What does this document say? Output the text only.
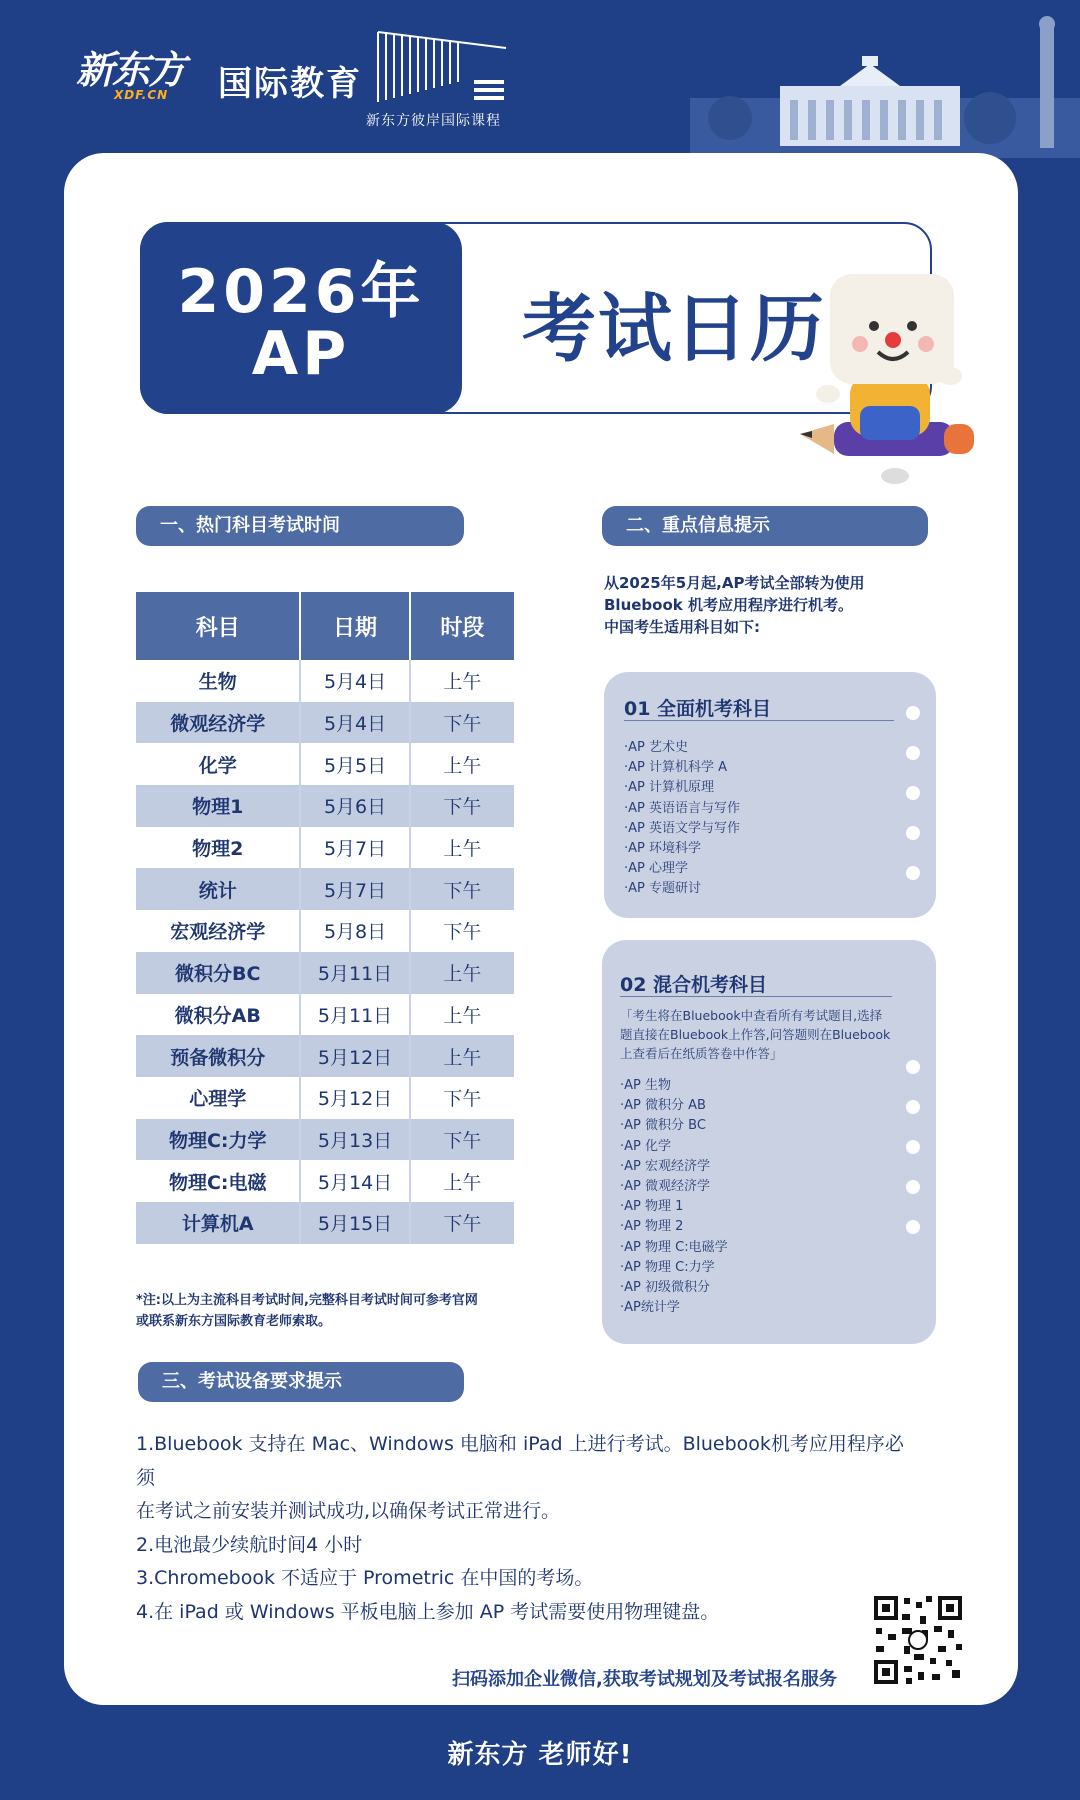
新东方
XDF.CN 国际教育
新东方彼岸国际课程
2026年
AP	考试日历
一、热门科目考试时间
科目	日期	时段
生物	5月4日	上午
微观经济学	5月4日	下午
化学	5月5日	上午
物理1	5月6日	下午
物理2	5月7日	上午
统计	5月7日	下午
宏观经济学	5月8日	下午
微积分BC	5月11日	上午
微积分AB	5月11日	上午
预备微积分	5月12日	上午
心理学	5月12日	下午
物理C:力学	5月13日	下午
物理C:电磁	5月14日	上午
计算机A	5月15日	下午
*注:以上为主流科目考试时间,完整科目考试时间可参考官网
或联系新东方国际教育老师索取。
二、重点信息提示
从2025年5月起,AP考试全部转为使用
Bluebook 机考应用程序进行机考。
中国考生适用科目如下:
01 全面机考科目
·AP 艺术史
·AP 计算机科学 A
·AP 计算机原理
·AP 英语语言与写作
·AP 英语文学与写作
·AP 环境科学
·AP 心理学
·AP 专题研讨
02 混合机考科目
「考生将在Bluebook中查看所有考试题目,选择
题直接在Bluebook上作答,问答题则在Bluebook
上查看后在纸质答卷中作答」
·AP 生物
·AP 微积分 AB
·AP 微积分 BC
·AP 化学
·AP 宏观经济学
·AP 微观经济学
·AP 物理 1
·AP 物理 2
·AP 物理 C:电磁学
·AP 物理 C:力学
·AP 初级微积分
·AP统计学
三、考试设备要求提示
1.Bluebook 支持在 Mac、Windows 电脑和 iPad 上进行考试。Bluebook机考应用程序必须
在考试之前安装并测试成功,以确保考试正常进行。
2.电池最少续航时间4 小时
3.Chromebook 不适应于 Prometric 在中国的考场。
4.在 iPad 或 Windows 平板电脑上参加 AP 考试需要使用物理键盘。
扫码添加企业微信,获取考试规划及考试报名服务
新东方 老师好!
